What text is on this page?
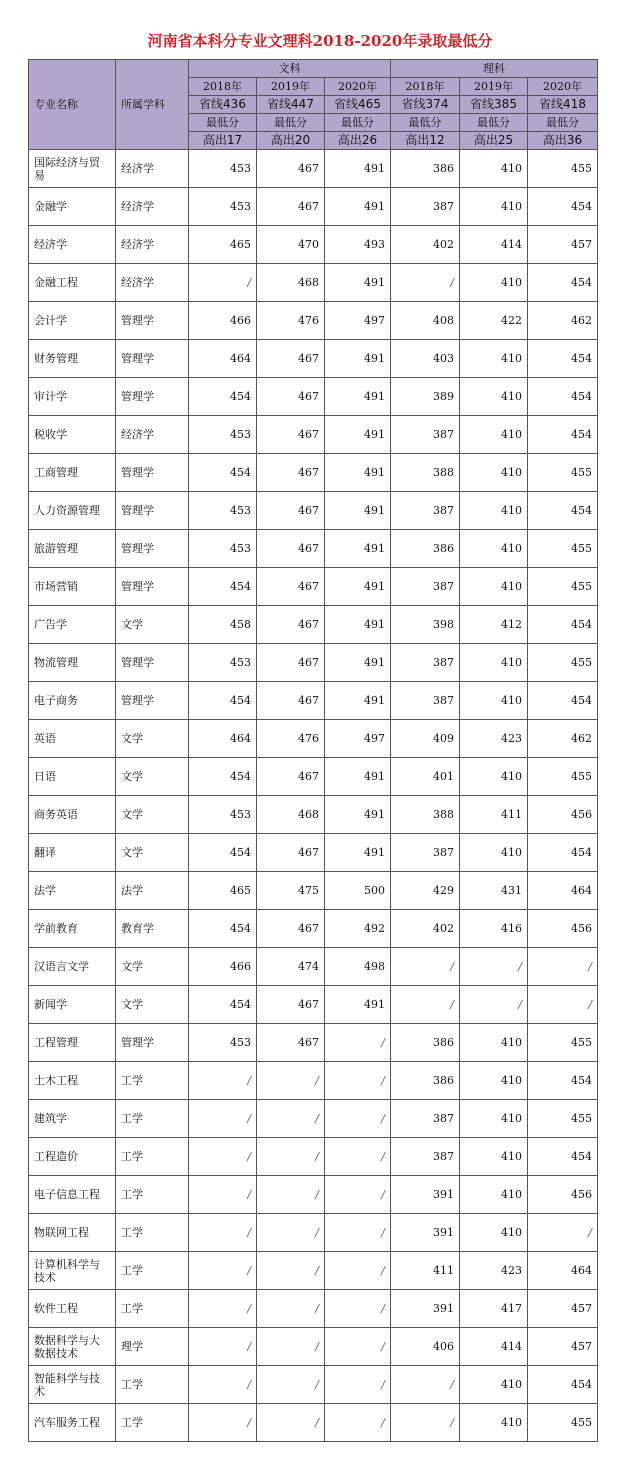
河南省本科分专业文理科2018-2020年录取最低分
专业名称	所属学科	文科			理科		
		2018年	2019年	2020年	2018年	2019年	2020年
		省线436	省线447	省线465	省线374	省线385	省线418
		最低分	最低分	最低分	最低分	最低分	最低分
		高出17	高出20	高出26	高出12	高出25	高出36
国际经济与贸易	经济学	453	467	491	386	410	455
金融学	经济学	453	467	491	387	410	454
经济学	经济学	465	470	493	402	414	457
金融工程	经济学	/	468	491	/	410	454
会计学	管理学	466	476	497	408	422	462
财务管理	管理学	464	467	491	403	410	454
审计学	管理学	454	467	491	389	410	454
税收学	经济学	453	467	491	387	410	454
工商管理	管理学	454	467	491	388	410	455
人力资源管理	管理学	453	467	491	387	410	454
旅游管理	管理学	453	467	491	386	410	455
市场营销	管理学	454	467	491	387	410	455
广告学	文学	458	467	491	398	412	454
物流管理	管理学	453	467	491	387	410	455
电子商务	管理学	454	467	491	387	410	454
英语	文学	464	476	497	409	423	462
日语	文学	454	467	491	401	410	455
商务英语	文学	453	468	491	388	411	456
翻译	文学	454	467	491	387	410	454
法学	法学	465	475	500	429	431	464
学前教育	教育学	454	467	492	402	416	456
汉语言文学	文学	466	474	498	/	/	/
新闻学	文学	454	467	491	/	/	/
工程管理	管理学	453	467	/	386	410	455
土木工程	工学	/	/	/	386	410	454
建筑学	工学	/	/	/	387	410	455
工程造价	工学	/	/	/	387	410	454
电子信息工程	工学	/	/	/	391	410	456
物联网工程	工学	/	/	/	391	410	/
计算机科学与技术	工学	/	/	/	411	423	464
软件工程	工学	/	/	/	391	417	457
数据科学与大数据技术	理学	/	/	/	406	414	457
智能科学与技术	工学	/	/	/	/	410	454
汽车服务工程	工学	/	/	/	/	410	455
